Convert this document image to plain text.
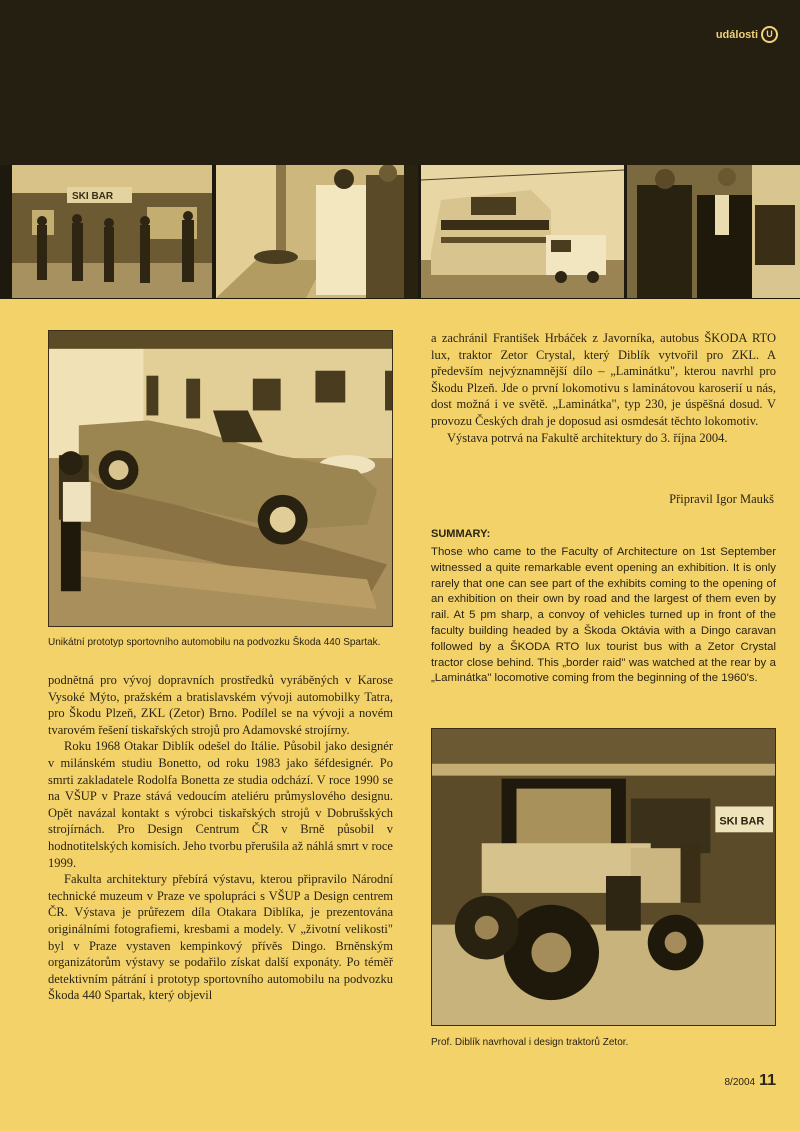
události U
SKI BAR
Unikátní prototyp sportovního automobilu na podvozku Škoda 440 Spartak.

podnětná pro vývoj dopravních prostředků vyráběných v Karose Vysoké Mýto, pražském a bratislavském vývoji automobilky Tatra, pro Škodu Plzeň, ZKL (Zetor) Brno. Podílel se na vývoji a novém tvarovém řešení tiskařských strojů pro Adamovské strojírny.

Roku 1968 Otakar Diblík odešel do Itálie. Působil jako designér v milánském studiu Bonetto, od roku 1983 jako šéfdesignér. Po smrti zakladatele Rodolfa Bonetta ze studia odchází. V roce 1990 se na VŠUP v Praze stává vedoucím ateliéru průmyslového designu. Opět navázal kontakt s výrobci tiskařských strojů v Dobrušských strojírnách. Pro Design Centrum ČR v Brně působil v hodnotitelských komisích. Jeho tvorbu přerušila až náhlá smrt v roce 1999.

Fakulta architektury přebírá výstavu, kterou připravilo Národní technické muzeum v Praze ve spolupráci s VŠUP a Design centrem ČR. Výstava je průřezem díla Otakara Diblíka, je prezentována originálními fotografiemi, kresbami a modely. V „životní velikosti" byl v Praze vystaven kempinkový přívěs Dingo. Brněnským organizátorům výstavy se podařilo získat další exponáty. Po téměř detektivním pátrání i prototyp sportovního automobilu na podvozku Škoda 440 Spartak, který objevil

a zachránil František Hrbáček z Javorníka, autobus ŠKODA RTO lux, traktor Zetor Crystal, který Diblík vytvořil pro ZKL. A především nejvýznamnější dílo – „Laminátku", kterou navrhl pro Škodu Plzeň. Jde o první lokomotivu s laminátovou karoserií u nás, dost možná i ve světě. „Laminátka", typ 230, je úspěšná dosud. V provozu Českých drah je doposud asi osmdesát těchto lokomotiv.

Výstava potrvá na Fakultě architektury do 3. října 2004.

Připravil Igor Maukš
SUMMARY:
Those who came to the Faculty of Architecture on 1st September witnessed a quite remarkable event opening an exhibition. It is only rarely that one can see part of the exhibits coming to the opening of an exhibition on their own by road and the largest of them even by rail. At 5 pm sharp, a convoy of vehicles turned up in front of the faculty building headed by a Škoda Oktávia with a Dingo caravan followed by a ŠKODA RTO lux tourist bus with a Zetor Crystal tractor close behind. This „border raid" was watched at the rear by a „Laminátka" locomotive coming from the beginning of the 1960's.
SKI BAR
Prof. Diblík navrhoval i design traktorů Zetor.
8/2004 11
